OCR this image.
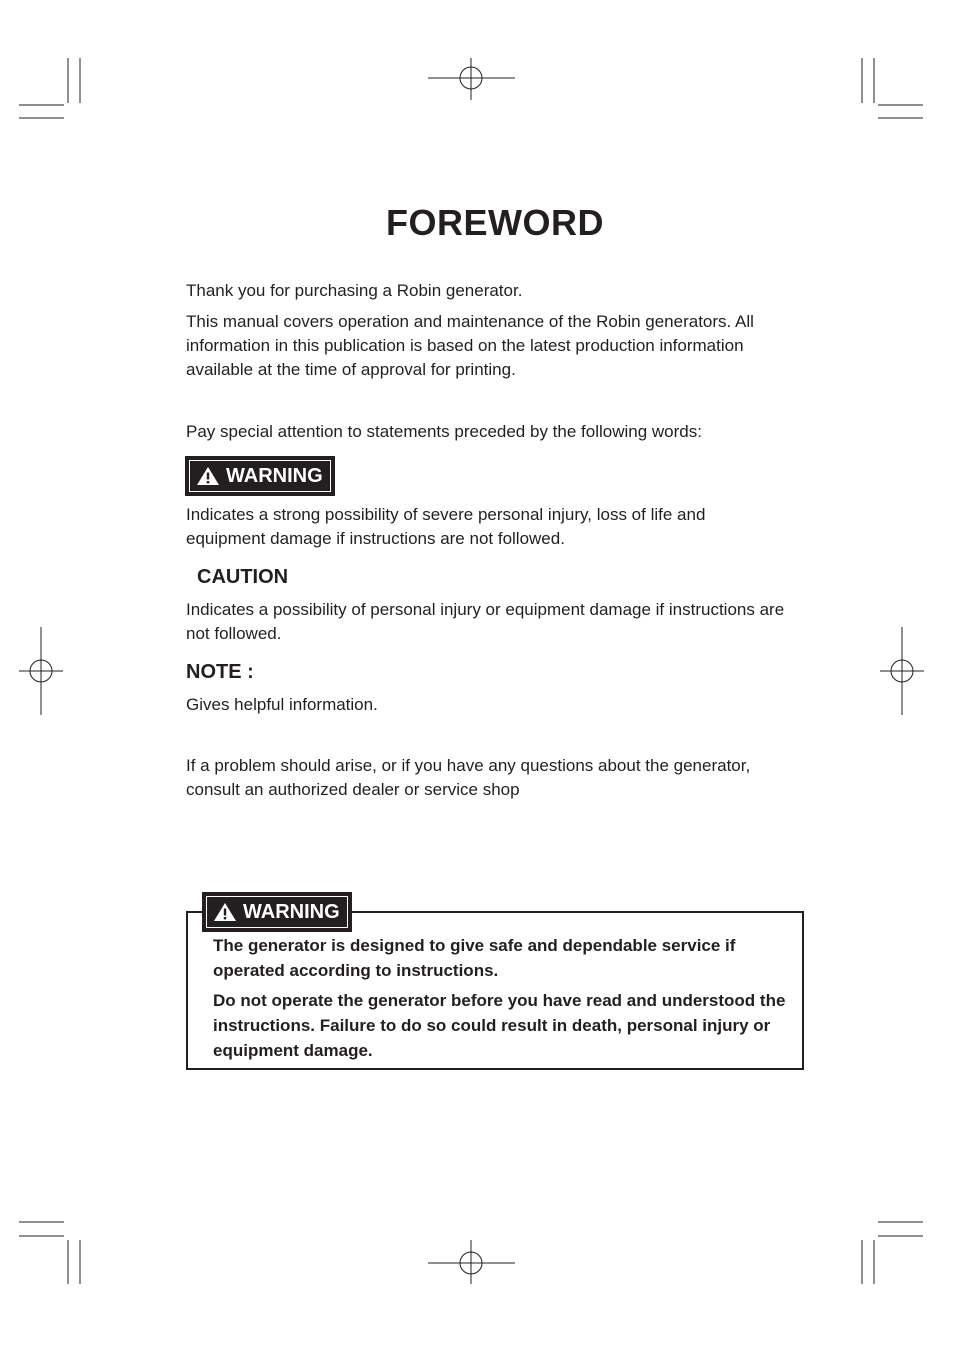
FOREWORD

Thank you for purchasing a Robin generator.

This manual covers operation and maintenance of the Robin generators. All information in this publication is based on the latest production information available at the time of approval for printing.

Pay special attention to statements preceded by the following words:

WARNING

Indicates a strong possibility of severe personal injury, loss of life and equipment damage if instructions are not followed.

CAUTION

Indicates a possibility of personal injury or equipment damage if instructions are not followed.

NOTE :

Gives helpful information.

If a problem should arise, or if you have any questions about the generator, consult an authorized dealer or service shop

WARNING

The generator is designed to give safe and dependable service if operated according to instructions.

Do not operate the generator before you have read and understood the instructions. Failure to do so could result in death, personal injury or equipment damage.
